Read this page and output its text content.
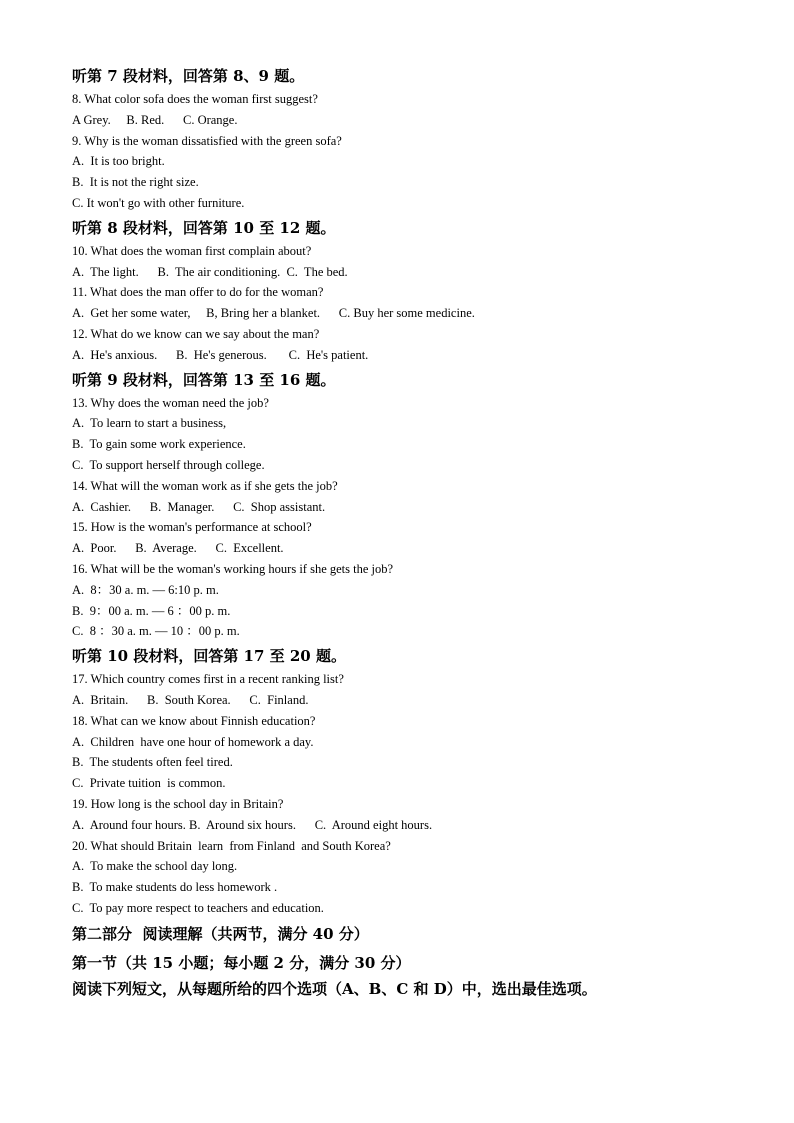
听第 7 段材料，回答第 8、9 题。

8. What color sofa does the woman first suggest?

A Grey.     B. Red.      C. Orange.

9. Why is the woman dissatisfied with the green sofa?

A.  It is too bright.

B.  It is not the right size.

C. It won't go with other furniture.

听第 8 段材料，回答第 10 至 12 题。

10. What does the woman first complain about?

A.  The light.      B.  The air conditioning.  C.  The bed.

11. What does the man offer to do for the woman?

A.  Get her some water,     B, Bring her a blanket.      C. Buy her some medicine.

12. What do we know can we say about the man?

A.  He's anxious.      B.  He's generous.       C.  He's patient.

听第 9 段材料，回答第 13 至 16 题。

13. Why does the woman need the job?

A.  To learn to start a business,

B.  To gain some work experience.

C.  To support herself through college.

14. What will the woman work as if she gets the job?

A.  Cashier.      B.  Manager.      C.  Shop assistant.

15. How is the woman's performance at school?

A.  Poor.      B.  Average.      C.  Excellent.

16. What will be the woman's working hours if she gets the job?

A.  8：30 a. m. — 6:10 p. m.

B.  9：00 a. m. — 6 ：00 p. m.

C.  8 ：30 a. m. — 10 ：00 p. m.

听第 10 段材料，回答第 17 至 20 题。

17. Which country comes first in a recent ranking list?

A.  Britain.      B.  South Korea.      C.  Finland.

18. What can we know about Finnish education?

A.  Children  have one hour of homework a day.

B.  The students often feel tired.

C.  Private tuition  is common.

19. How long is the school day in Britain?

A.  Around four hours. B.  Around six hours.      C.  Around eight hours.

20. What should Britain  learn  from Finland  and South Korea?

A.  To make the school day long.

B.  To make students do less homework .

C.  To pay more respect to teachers and education.

第二部分  阅读理解（共两节，满分 40 分）

第一节（共 15 小题；每小题 2 分，满分 30 分）

阅读下列短文，从每题所给的四个选项（A、B、C 和 D）中，选出最佳选项。
